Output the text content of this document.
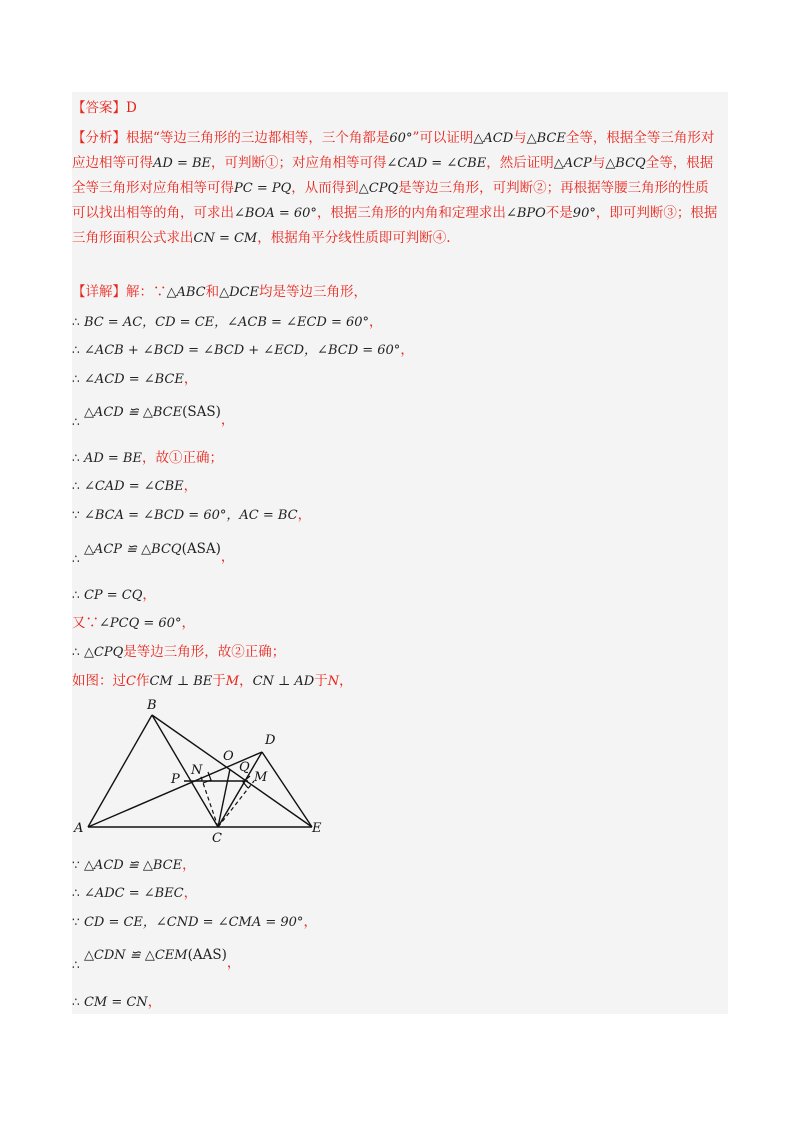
【答案】D
【分析】根据“等边三角形的三边都相等，三个角都是60°”可以证明△ACD与△BCE全等，根据全等三角形对应边相等可得AD = BE，可判断①；对应角相等可得∠CAD = ∠CBE，然后证明△ACP与△BCQ全等，根据全等三角形对应角相等可得PC = PQ，从而得到△CPQ是等边三角形，可判断②；再根据等腰三角形的性质可以找出相等的角，可求出∠BOA = 60°，根据三角形的内角和定理求出∠BPO不是90°，即可判断③；根据三角形面积公式求出CN = CM，根据角平分线性质即可判断④.
【详解】解：∵△ABC和△DCE均是等边三角形，
∴ BC = AC，CD = CE，∠ACB = ∠ECD = 60°，
∴ ∠ACB + ∠BCD = ∠BCD + ∠ECD，∠BCD = 60°，
∴ ∠ACD = ∠BCE，
∴ △ACD ≌ △BCE(SAS)，
∴ AD = BE，故①正确；
∴ ∠CAD = ∠CBE，
∵ ∠BCA = ∠BCD = 60°，AC = BC，
∴ △ACP ≌ △BCQ(ASA)，
∴ CP = CQ，
又∵∠PCQ = 60°，
∴ △CPQ是等边三角形，故②正确；
如图：过C作CM ⊥ BE于M，CN ⊥ AD于N，
A
B
C
D
E
O
P
N	Q
M
∵ △ACD ≌ △BCE，
∴ ∠ADC = ∠BEC，
∵ CD = CE，∠CND = ∠CMA = 90°，
∴ △CDN ≌ △CEM(AAS)，
∴ CM = CN，
